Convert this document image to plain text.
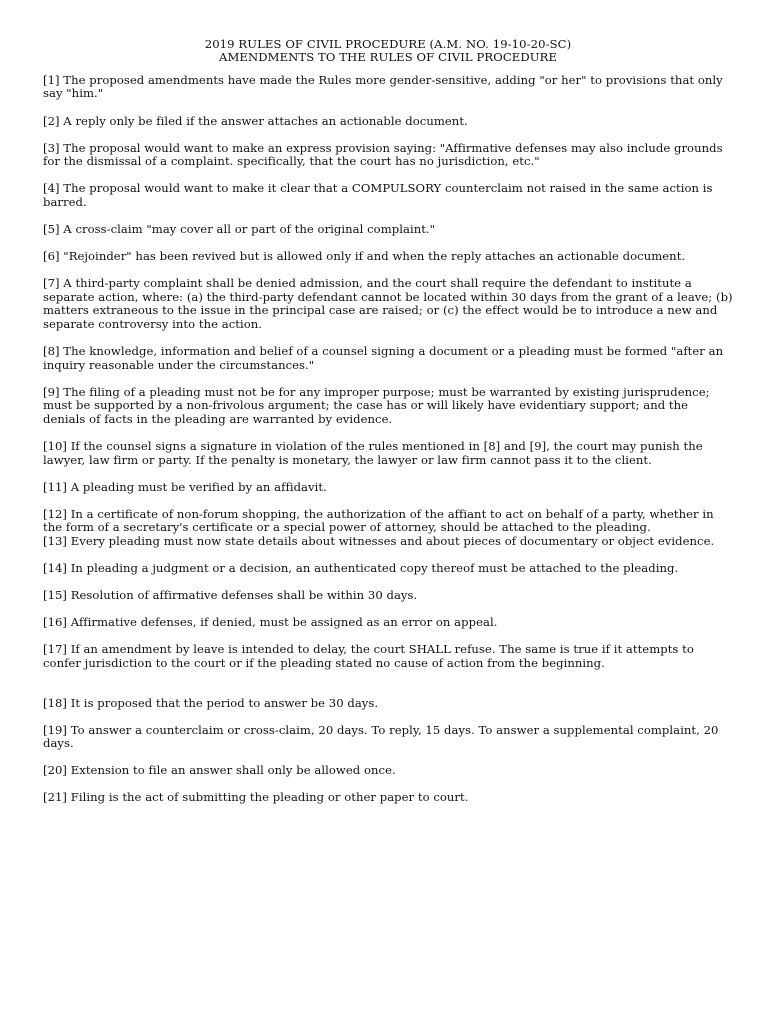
2019 RULES OF CIVIL PROCEDURE (A.M. NO. 19-10-20-SC)
AMENDMENTS TO THE RULES OF CIVIL PROCEDURE

[1] The proposed amendments have made the Rules more gender-sensitive, adding "or her" to provisions that only say "him."

[2] A reply only be filed if the answer attaches an actionable document.

[3] The proposal would want to make an express provision saying: "Affirmative defenses may also include grounds for the dismissal of a complaint. specifically, that the court has no jurisdiction, etc."

[4] The proposal would want to make it clear that a COMPULSORY counterclaim not raised in the same action is barred.

[5] A cross-claim "may cover all or part of the original complaint."

[6] "Rejoinder" has been revived but is allowed only if and when the reply attaches an actionable document.

[7] A third-party complaint shall be denied admission, and the court shall require the defendant to institute a separate action, where: (a) the third-party defendant cannot be located within 30 days from the grant of a leave; (b) matters extraneous to the issue in the principal case are raised; or (c) the effect would be to introduce a new and separate controversy into the action.

[8] The knowledge, information and belief of a counsel signing a document or a pleading must be formed "after an inquiry reasonable under the circumstances."

[9] The filing of a pleading must not be for any improper purpose; must be warranted by existing jurisprudence; must be supported by a non-frivolous argument; the case has or will likely have evidentiary support; and the denials of facts in the pleading are warranted by evidence.

[10] If the counsel signs a signature in violation of the rules mentioned in [8] and [9], the court may punish the lawyer, law firm or party. If the penalty is monetary, the lawyer or law firm cannot pass it to the client.

[11] A pleading must be verified by an affidavit.

[12] In a certificate of non-forum shopping, the authorization of the affiant to act on behalf of a party, whether in the form of a secretary's certificate or a special power of attorney, should be attached to the pleading.

[13] Every pleading must now state details about witnesses and about pieces of documentary or object evidence.

[14] In pleading a judgment or a decision, an authenticated copy thereof must be attached to the pleading.

[15] Resolution of affirmative defenses shall be within 30 days.

[16] Affirmative defenses, if denied, must be assigned as an error on appeal.

[17] If an amendment by leave is intended to delay, the court SHALL refuse. The same is true if it attempts to confer jurisdiction to the court or if the pleading stated no cause of action from the beginning.

[18] It is proposed that the period to answer be 30 days.

[19] To answer a counterclaim or cross-claim, 20 days. To reply, 15 days. To answer a supplemental complaint, 20 days.

[20] Extension to file an answer shall only be allowed once.

[21] Filing is the act of submitting the pleading or other paper to court.
